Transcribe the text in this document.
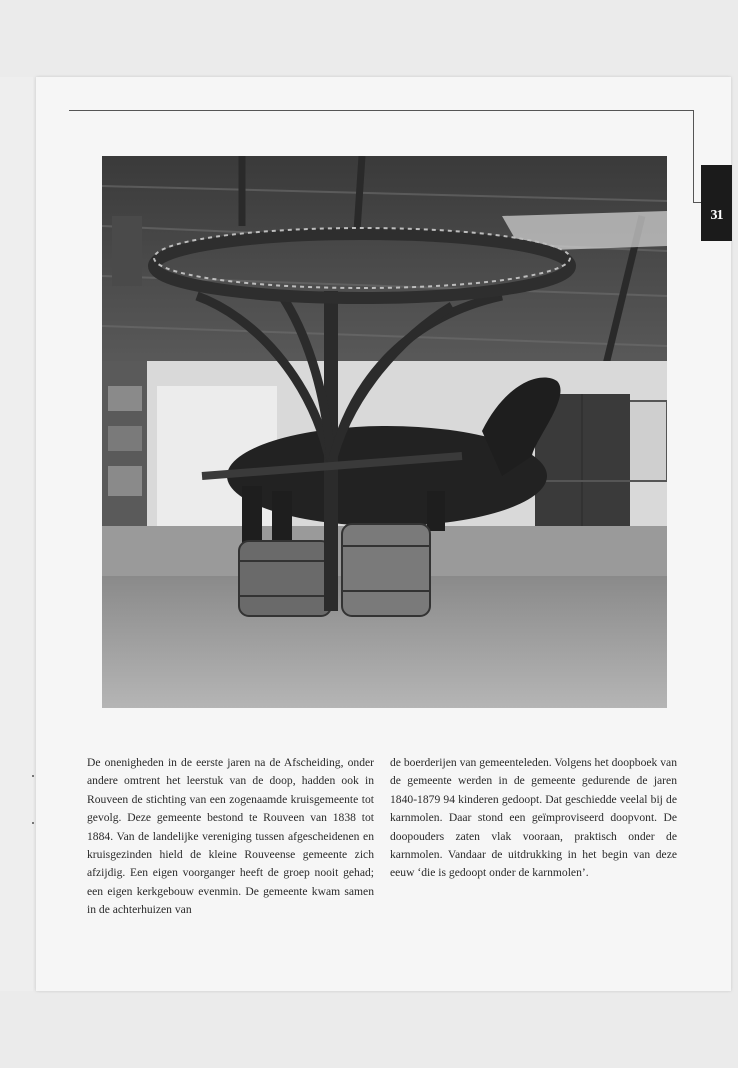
31

De onenigheden in de eerste jaren na de Afscheiding, onder andere omtrent het leerstuk van de doop, hadden ook in Rouveen de stichting van een zogenaamde kruisgemeente tot gevolg. Deze gemeente bestond te Rouveen van 1838 tot 1884. Van de landelijke vereniging tussen afgescheidenen en kruisgezinden hield de kleine Rouveense gemeente zich afzijdig. Een eigen voorganger heeft de groep nooit gehad; een eigen kerkgebouw evenmin. De gemeente kwam samen in de achterhuizen van

de boerderijen van gemeenteleden. Volgens het doopboek van de gemeente werden in de gemeente gedurende de jaren 1840-1879 94 kinderen gedoopt. Dat geschiedde veelal bij de karnmolen. Daar stond een geïmproviseerd doopvont. De doopouders zaten vlak vooraan, praktisch onder de karnmolen. Vandaar de uitdrukking in het begin van deze eeuw ‘die is gedoopt onder de karnmolen’.
